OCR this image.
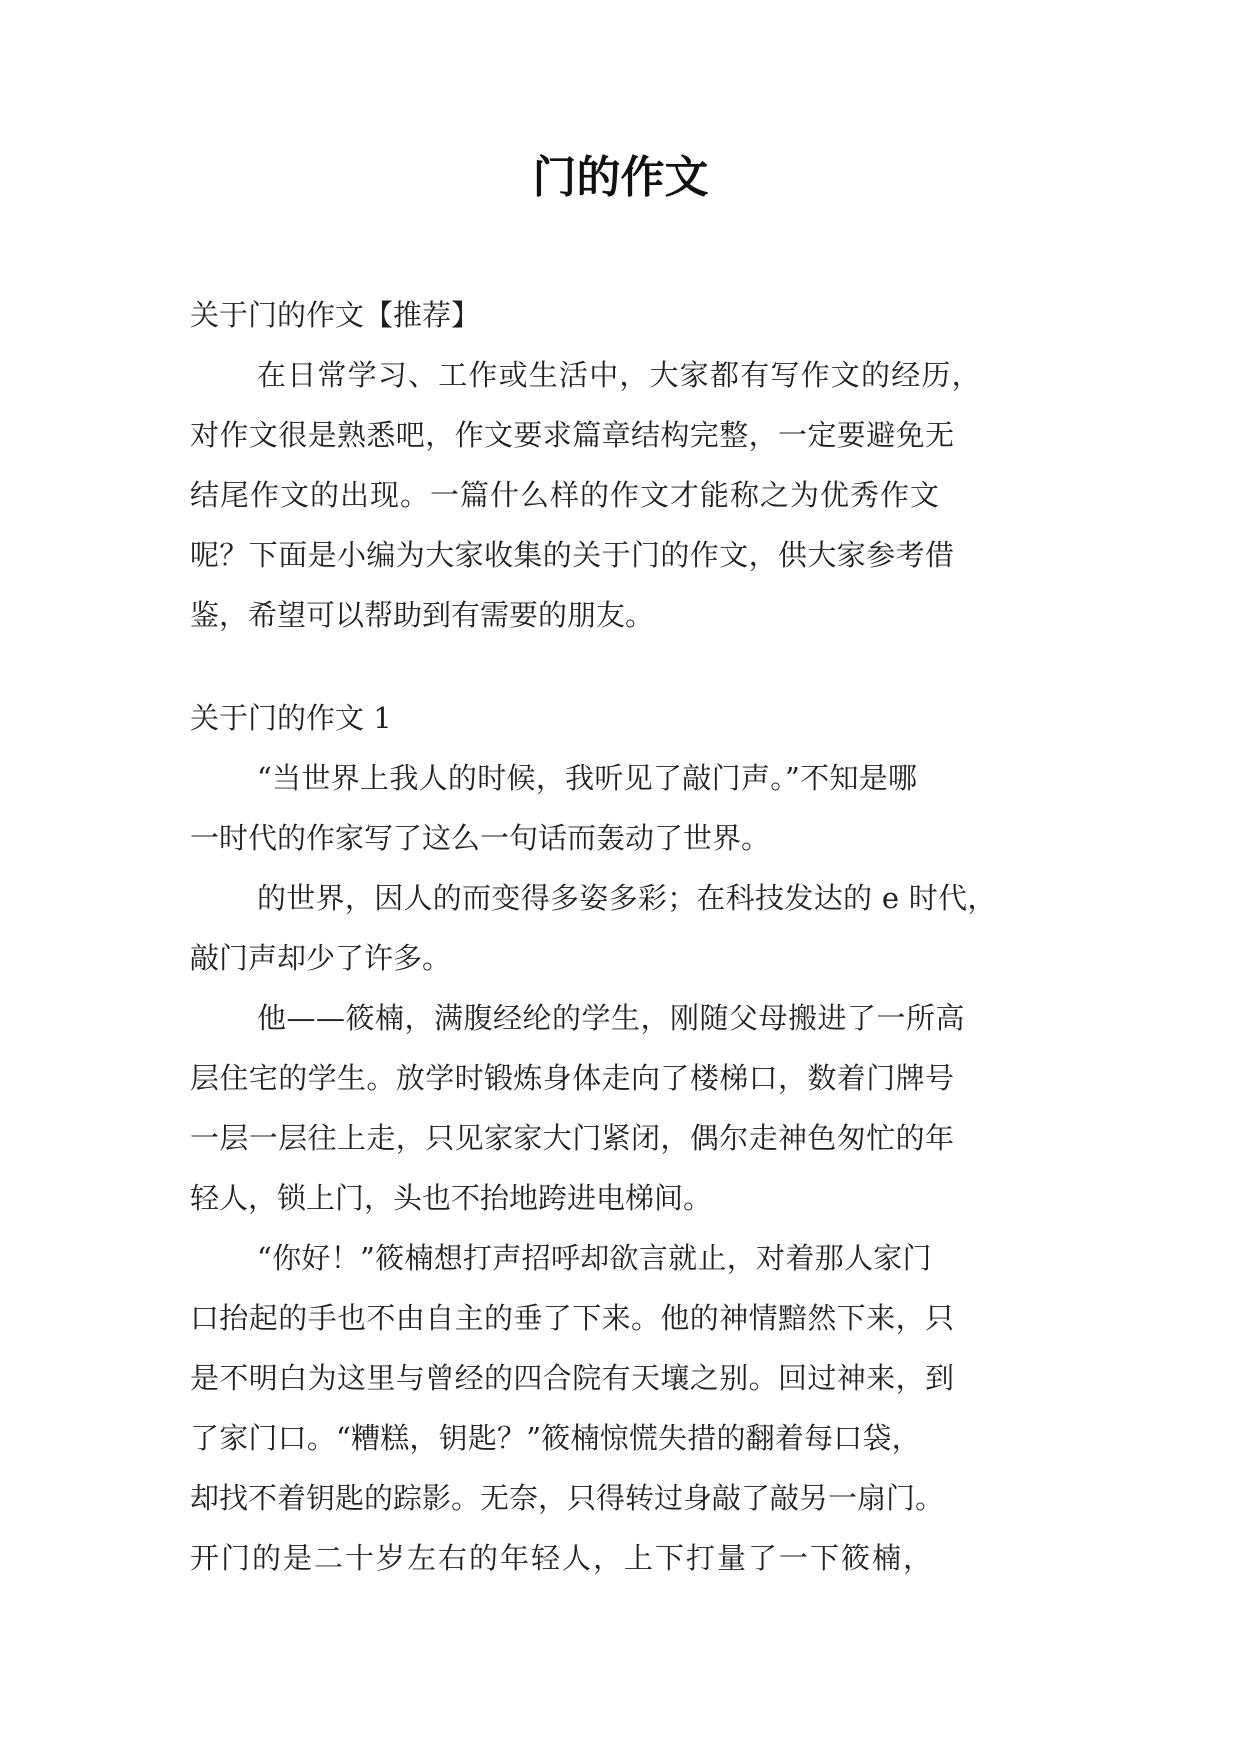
门的作文
关于门的作文【推荐】
在日常学习、工作或生活中，大家都有写作文的经历，
对作文很是熟悉吧，作文要求篇章结构完整，一定要避免无
结尾作文的出现。一篇什么样的作文才能称之为优秀作文
呢？下面是小编为大家收集的关于门的作文，供大家参考借
鉴，希望可以帮助到有需要的朋友。
关于门的作文 1
“当世界上我人的时候，我听见了敲门声。”不知是哪
一时代的作家写了这么一句话而轰动了世界。
的世界，因人的而变得多姿多彩；在科技发达的 e 时代，
敲门声却少了许多。
他——筱楠，满腹经纶的学生，刚随父母搬进了一所高
层住宅的学生。放学时锻炼身体走向了楼梯口，数着门牌号
一层一层往上走，只见家家大门紧闭，偶尔走神色匆忙的年
轻人，锁上门，头也不抬地跨进电梯间。
“你好！”筱楠想打声招呼却欲言就止，对着那人家门
口抬起的手也不由自主的垂了下来。他的神情黯然下来，只
是不明白为这里与曾经的四合院有天壤之别。回过神来，到
了家门口。“糟糕，钥匙？”筱楠惊慌失措的翻着每口袋，
却找不着钥匙的踪影。无奈，只得转过身敲了敲另一扇门。
开门的是二十岁左右的年轻人，上下打量了一下筱楠，
